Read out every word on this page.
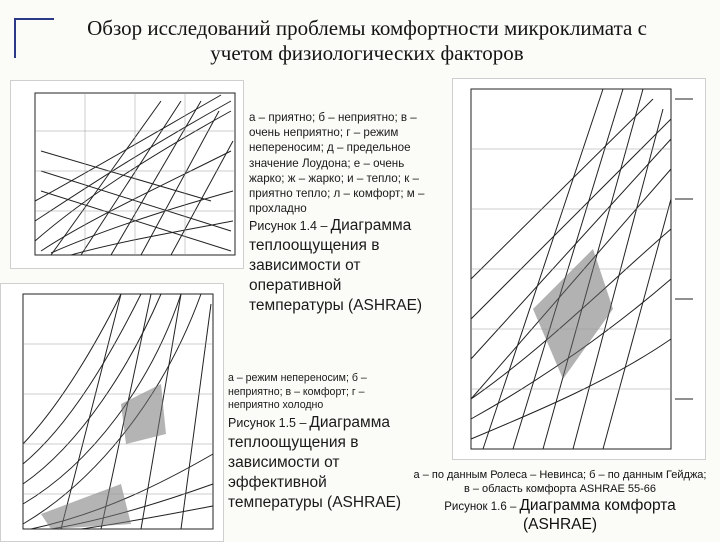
Обзор исследований проблемы комфортности микроклимата с
учетом физиологических факторов
а – приятно; б – неприятно; в – очень неприятно; г – режим непереносим; д – предельное значение Лоудона; е – очень жарко; ж – жарко; и – тепло; к – приятно тепло; л – комфорт; м – прохладно
Рисунок 1.4 – Диаграмма теплоощущения в зависимости от оперативной температуры (ASHRAE)
а – режим непереносим; б – неприятно; в – комфорт; г – неприятно холодно
Рисунок 1.5 – Диаграмма теплоощущения в зависимости от эффективной температуры (ASHRAE)
а – по данным Ролеса – Невинса; б – по данным Гейджа; в – область комфорта ASHRAE 55-66
Рисунок 1.6 – Диаграмма комфорта (ASHRAE)
